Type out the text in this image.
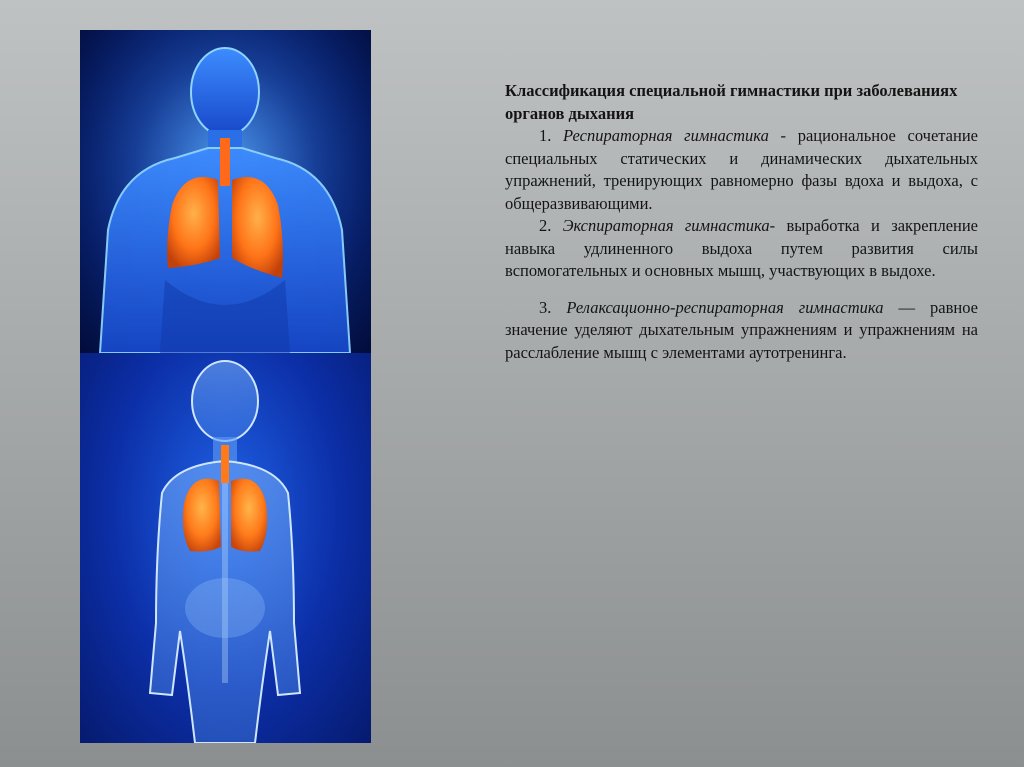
Классификация специальной гимнастики при заболеваниях органов дыхания

1. Респираторная гимнастика - рациональное сочетание специальных статических и динамических дыхательных упражнений, тренирующих равномерно фазы вдоха и выдоха, с общеразвивающими.

2. Экспираторная гимнастика- выработка и закрепление навыка удлиненного выдоха путем развития силы вспомогательных и основных мышц, участвующих в выдохе.

3. Релаксационно-респираторная гимнастика — равное значение уделяют дыхательным упражнениям и упражнениям на расслабление мышц с элементами аутотренинга.
